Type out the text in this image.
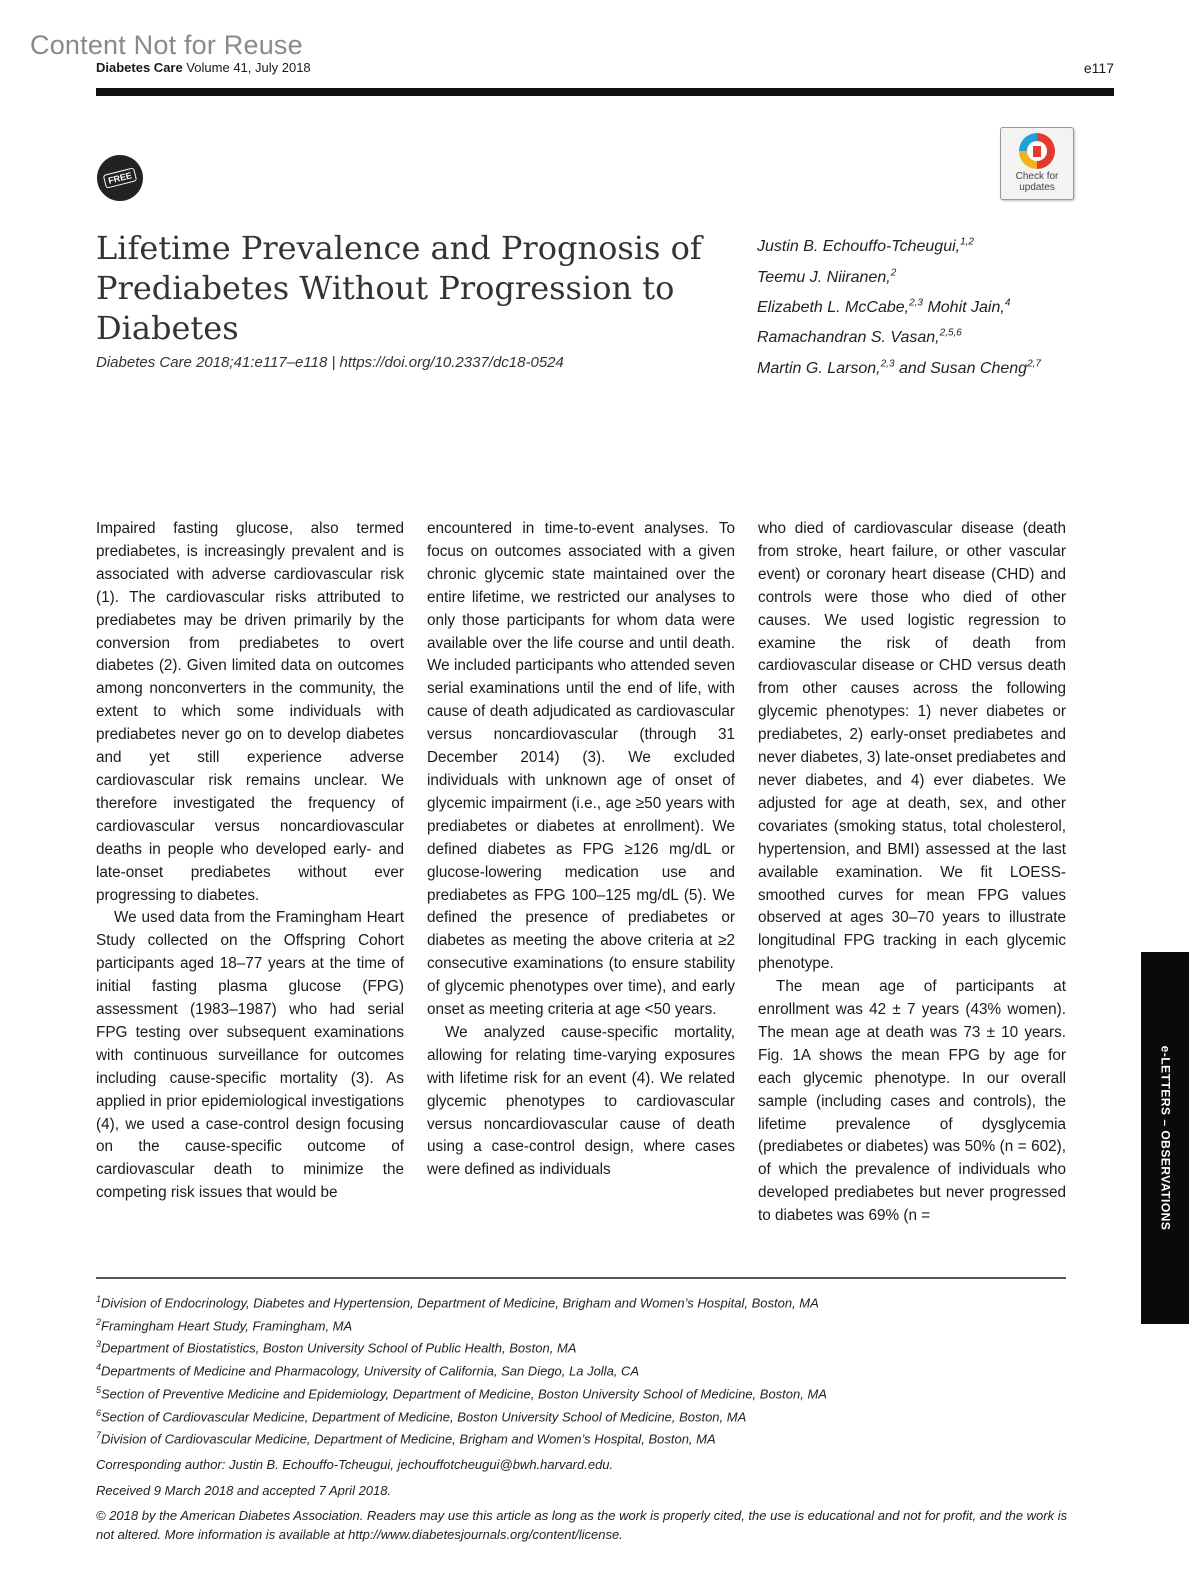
Content Not for Reuse
Diabetes Care Volume 41, July 2018	e117
FREE	Check for updates
Lifetime Prevalence and Prognosis of Prediabetes Without Progression to Diabetes
Diabetes Care 2018;41:e117–e118 | https://doi.org/10.2337/dc18-0524
Justin B. Echouffo-Tcheugui,$^{1,2}$
Teemu J. Niiranen,$^2$
Elizabeth L. McCabe,$^{2,3}$ Mohit Jain,$^4$
Ramachandran S. Vasan,$^{2,5,6}$
Martin G. Larson,$^{2,3}$ and Susan Cheng$^{2,7}$

Impaired fasting glucose, also termed prediabetes, is increasingly prevalent and is associated with adverse cardiovascular risk (1). The cardiovascular risks attributed to prediabetes may be driven primarily by the conversion from prediabetes to overt diabetes (2). Given limited data on outcomes among nonconverters in the community, the extent to which some individuals with prediabetes never go on to develop diabetes and yet still experience adverse cardiovascular risk remains unclear. We therefore investigated the frequency of cardiovascular versus noncardiovascular deaths in people who developed early- and late-onset prediabetes without ever progressing to diabetes.

We used data from the Framingham Heart Study collected on the Offspring Cohort participants aged 18–77 years at the time of initial fasting plasma glucose (FPG) assessment (1983–1987) who had serial FPG testing over subsequent examinations with continuous surveillance for outcomes including cause-specific mortality (3). As applied in prior epidemiological investigations (4), we used a case-control design focusing on the cause-specific outcome of cardiovascular death to minimize the competing risk issues that would be

encountered in time-to-event analyses. To focus on outcomes associated with a given chronic glycemic state maintained over the entire lifetime, we restricted our analyses to only those participants for whom data were available over the life course and until death. We included participants who attended seven serial examinations until the end of life, with cause of death adjudicated as cardiovascular versus noncardiovascular (through 31 December 2014) (3). We excluded individuals with unknown age of onset of glycemic impairment (i.e., age ≥50 years with prediabetes or diabetes at enrollment). We defined diabetes as FPG ≥126 mg/dL or glucose-lowering medication use and prediabetes as FPG 100–125 mg/dL (5). We defined the presence of prediabetes or diabetes as meeting the above criteria at ≥2 consecutive examinations (to ensure stability of glycemic phenotypes over time), and early onset as meeting criteria at age <50 years.

We analyzed cause-specific mortality, allowing for relating time-varying exposures with lifetime risk for an event (4). We related glycemic phenotypes to cardiovascular versus noncardiovascular cause of death using a case-control design, where cases were defined as individuals

who died of cardiovascular disease (death from stroke, heart failure, or other vascular event) or coronary heart disease (CHD) and controls were those who died of other causes. We used logistic regression to examine the risk of death from cardiovascular disease or CHD versus death from other causes across the following glycemic phenotypes: 1) never diabetes or prediabetes, 2) early-onset prediabetes and never diabetes, 3) late-onset prediabetes and never diabetes, and 4) ever diabetes. We adjusted for age at death, sex, and other covariates (smoking status, total cholesterol, hypertension, and BMI) assessed at the last available examination. We fit LOESS-smoothed curves for mean FPG values observed at ages 30–70 years to illustrate longitudinal FPG tracking in each glycemic phenotype.

The mean age of participants at enrollment was 42 ± 7 years (43% women). The mean age at death was 73 ± 10 years. Fig. 1A shows the mean FPG by age for each glycemic phenotype. In our overall sample (including cases and controls), the lifetime prevalence of dysglycemia (prediabetes or diabetes) was 50% (n = 602), of which the prevalence of individuals who developed prediabetes but never progressed to diabetes was 69% (n =	e-LETTERS – OBSERVATIONS
$^1$Division of Endocrinology, Diabetes and Hypertension, Department of Medicine, Brigham and Women’s Hospital, Boston, MA
$^2$Framingham Heart Study, Framingham, MA
$^3$Department of Biostatistics, Boston University School of Public Health, Boston, MA
$^4$Departments of Medicine and Pharmacology, University of California, San Diego, La Jolla, CA
$^5$Section of Preventive Medicine and Epidemiology, Department of Medicine, Boston University School of Medicine, Boston, MA
$^6$Section of Cardiovascular Medicine, Department of Medicine, Boston University School of Medicine, Boston, MA
$^7$Division of Cardiovascular Medicine, Department of Medicine, Brigham and Women’s Hospital, Boston, MA
Corresponding author: Justin B. Echouffo-Tcheugui, jechouffotcheugui@bwh.harvard.edu.
Received 9 March 2018 and accepted 7 April 2018.
© 2018 by the American Diabetes Association. Readers may use this article as long as the work is properly cited, the use is educational and not for profit, and the work is not altered. More information is available at http://www.diabetesjournals.org/content/license.
